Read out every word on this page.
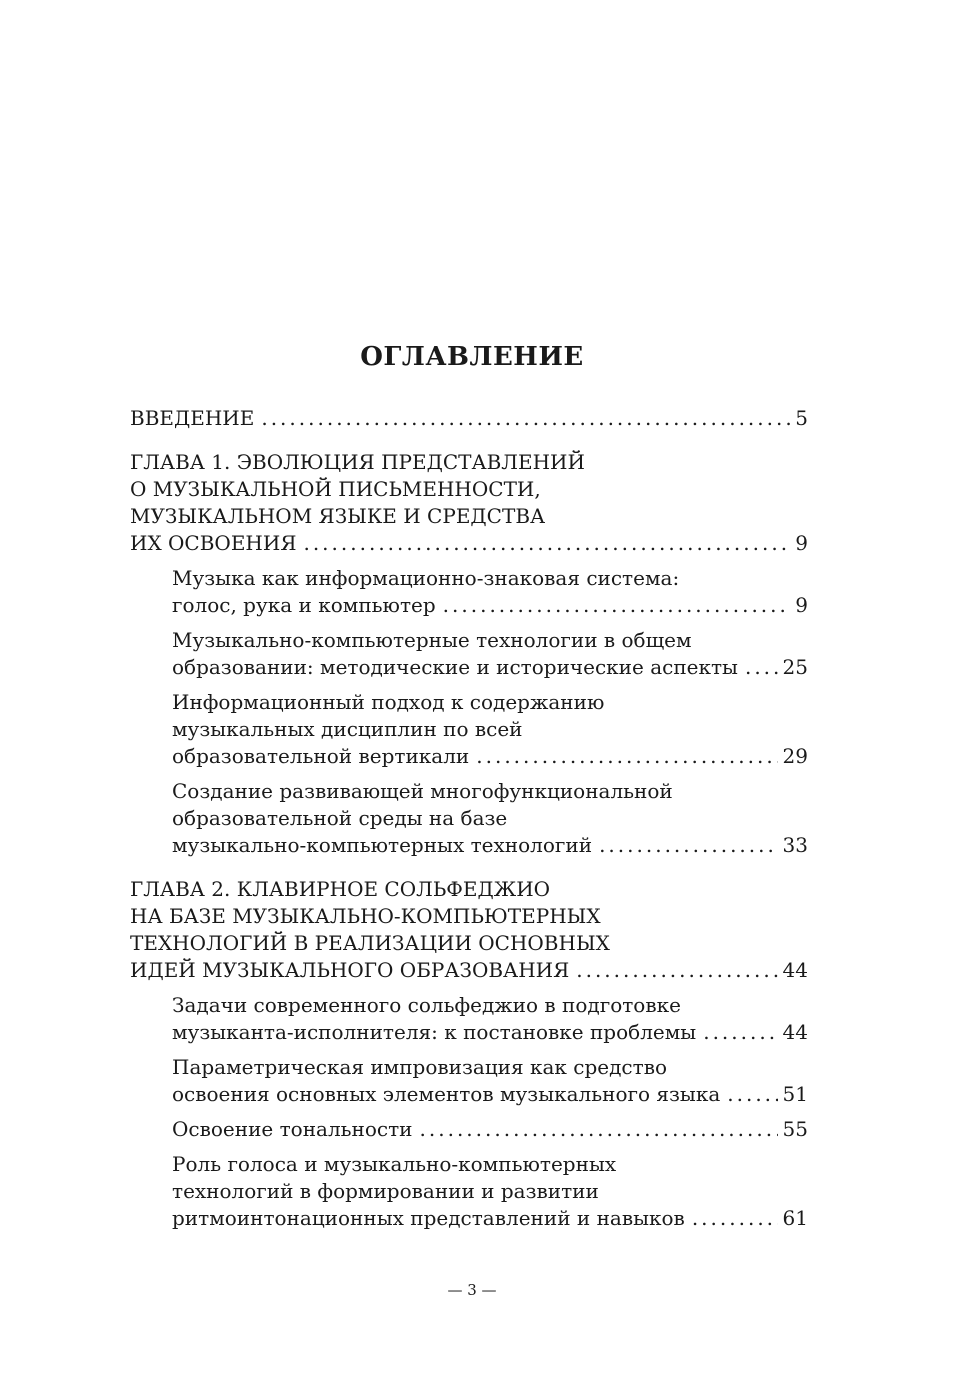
ОГЛАВЛЕНИЕ
ВВЕДЕНИЕ .....	5
ГЛАВА 1. ЭВОЛЮЦИЯ ПРЕДСТАВЛЕНИЙ
О МУЗЫКАЛЬНОЙ ПИСЬМЕННОСТИ,
МУЗЫКАЛЬНОМ ЯЗЫКЕ И СРЕДСТВА
ИХ ОСВОЕНИЯ .....	9
Музыка как информационно-знаковая система:
голос, рука и компьютер .....	9
Музыкально-компьютерные технологии в общем
образовании: методические и исторические аспекты ..... 25
Информационный подход к содержанию
музыкальных дисциплин по всей
образовательной вертикали .....	29
Создание развивающей многофункциональной
образовательной среды на базе
музыкально-компьютерных технологий .....	33
ГЛАВА 2. КЛАВИРНОЕ СОЛЬФЕДЖИО
НА БАЗЕ МУЗЫКАЛЬНО-КОМПЬЮТЕРНЫХ
ТЕХНОЛОГИЙ В РЕАЛИЗАЦИИ ОСНОВНЫХ
ИДЕЙ МУЗЫКАЛЬНОГО ОБРАЗОВАНИЯ .....	44
Задачи современного сольфеджио в подготовке
музыканта-исполнителя: к постановке проблемы .....	44
Параметрическая импровизация как средство
освоения основных элементов музыкального языка .....	51
Освоение тональности .....	55
Роль голоса и музыкально-компьютерных
технологий в формировании и развитии
ритмоинтонационных представлений и навыков .....	61
— 3 —
